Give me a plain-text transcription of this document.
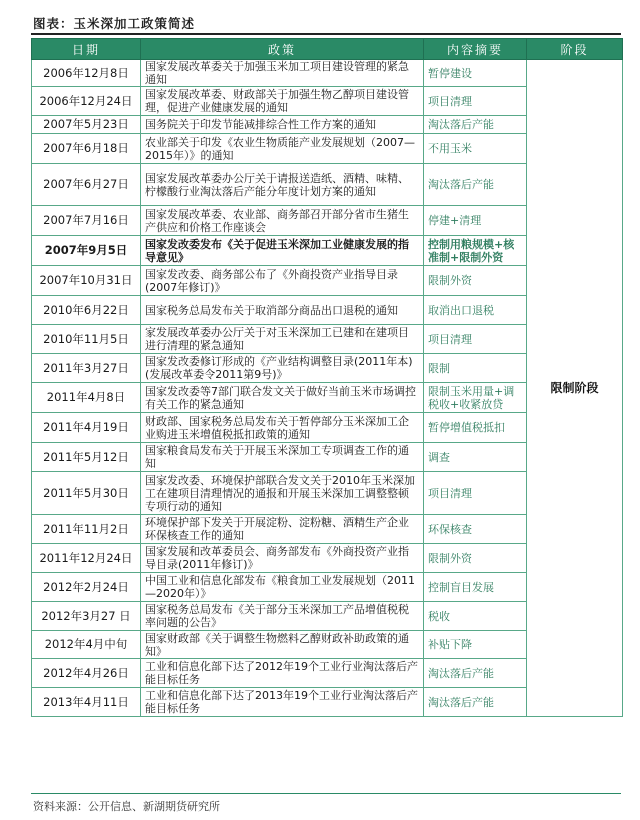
图表：玉米深加工政策简述
日期	政策	内容摘要	阶段
2006年12月8日	国家发展改革委关于加强玉米加工项目建设管理的紧急通知	暂停建设	限制阶段
2006年12月24日	国家发展改革委、财政部关于加强生物乙醇项目建设管理，促进产业健康发展的通知	项目清理	
2007年5月23日	国务院关于印发节能减排综合性工作方案的通知	淘汰落后产能	
2007年6月18日	农业部关于印发《农业生物质能产业发展规划（2007—2015年）》的通知	不用玉米	
2007年6月27日	国家发展改革委办公厅关于请报送造纸、酒精、味精、柠檬酸行业淘汰落后产能分年度计划方案的通知	淘汰落后产能	
2007年7月16日	国家发展改革委、农业部、商务部召开部分省市生猪生产供应和价格工作座谈会	停建+清理	
2007年9月5日	国家发改委发布《关于促进玉米深加工业健康发展的指导意见》	控制用粮规模+核准制+限制外资	
2007年10月31日	国家发改委、商务部公布了《外商投资产业指导目录(2007年修订)》	限制外资	
2010年6月22日	国家税务总局发布关于取消部分商品出口退税的通知	取消出口退税	
2010年11月5日	家发展改革委办公厅关于对玉米深加工已建和在建项目进行清理的紧急通知	项目清理	
2011年3月27日	国家发改委修订形成的《产业结构调整目录(2011年本)(发展改革委令2011第9号)》	限制	
2011年4月8日	国家发改委等7部门联合发文关于做好当前玉米市场调控有关工作的紧急通知	限制玉米用量+调税收+收紧放贷	
2011年4月19日	财政部、国家税务总局发布关于暂停部分玉米深加工企业购进玉米增值税抵扣政策的通知	暂停增值税抵扣	
2011年5月12日	国家粮食局发布关于开展玉米深加工专项调查工作的通知	调查	
2011年5月30日	国家发改委、环境保护部联合发文关于2010年玉米深加工在建项目清理情况的通报和开展玉米深加工调整整顿专项行动的通知	项目清理	
2011年11月2日	环境保护部下发关于开展淀粉、淀粉糖、酒精生产企业环保核查工作的通知	环保核查	
2011年12月24日	国家发展和改革委员会、商务部发布《外商投资产业指导目录(2011年修订)》	限制外资	
2012年2月24日	中国工业和信息化部发布《粮食加工业发展规划（2011—2020年）》	控制盲目发展	
2012年3月27 日	国家税务总局发布《关于部分玉米深加工产品增值税税率问题的公告》	税收	
2012年4月中旬	国家财政部《关于调整生物燃料乙醇财政补助政策的通知》	补贴下降	
2012年4月26日	工业和信息化部下达了2012年19个工业行业淘汰落后产能目标任务	淘汰落后产能	
2013年4月11日	工业和信息化部下达了2013年19个工业行业淘汰落后产能目标任务	淘汰落后产能	
资料来源：公开信息、新湖期货研究所
